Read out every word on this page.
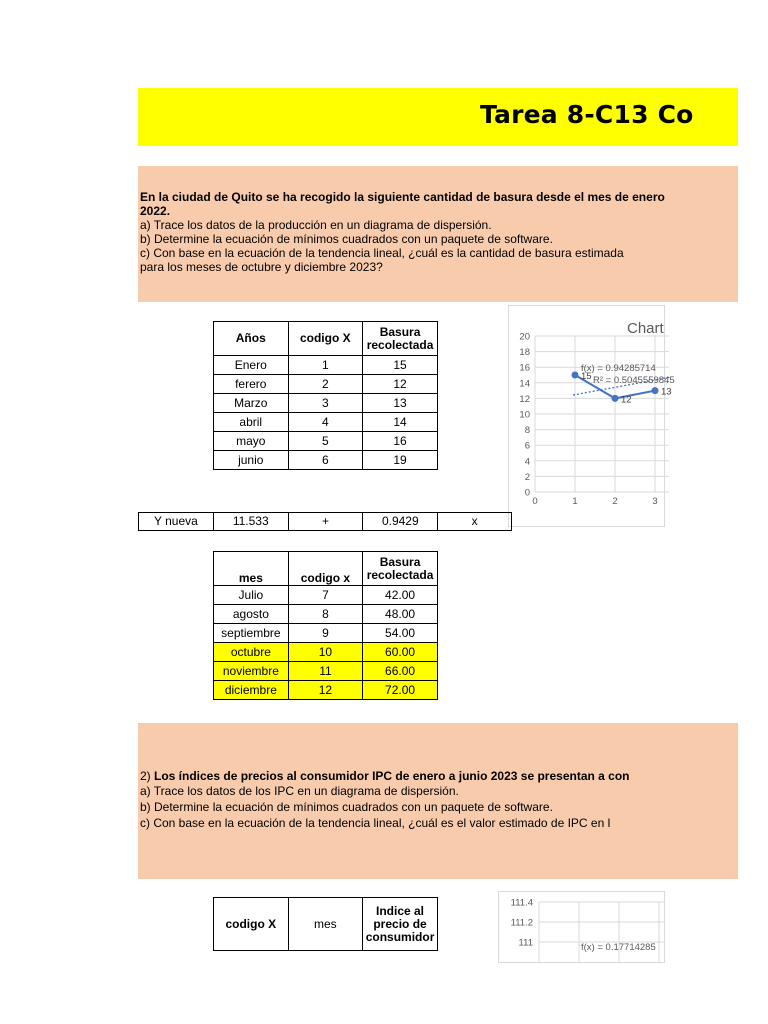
Tarea 8-C13 Co
En la ciudad de Quito se ha recogido la siguiente cantidad de basura desde el mes de enero
2022.
a) Trace los datos de la producción en un diagrama de dispersión.
b) Determine la ecuación de mínimos cuadrados con un paquete de software.
c) Con base en la ecuación de la tendencia lineal, ¿cuál es la cantidad de basura estimada
para los meses de octubre y diciembre 2023?
Años	codigo X	Basura recolectada
Enero	1	15
ferero	2	12
Marzo	3	13
abril	4	14
mayo	5	16
junio	6	19
0
2
4
6
8
10
12
14
16
18
20
0	1	2	3
Chart
f(x) = 0.94285714
R² = 0.5045559845
15
12
13
Y nueva	11.533	+	0.9429	x
mes	codigo x	Basura recolectada
Julio	7	42.00
agosto	8	48.00
septiembre	9	54.00
octubre	10	60.00
noviembre	11	66.00
diciembre	12	72.00
2) Los índices de precios al consumidor IPC de enero a junio 2023 se presentan a con
a) Trace los datos de los IPC en un diagrama de dispersión.
b) Determine la ecuación de mínimos cuadrados con un paquete de software.
c) Con base en la ecuación de la tendencia lineal, ¿cuál es el valor estimado de IPC en l
codigo X	mes	Indice al precio de consumidor	111
111.2
111.4
f(x) = 0.17714285
